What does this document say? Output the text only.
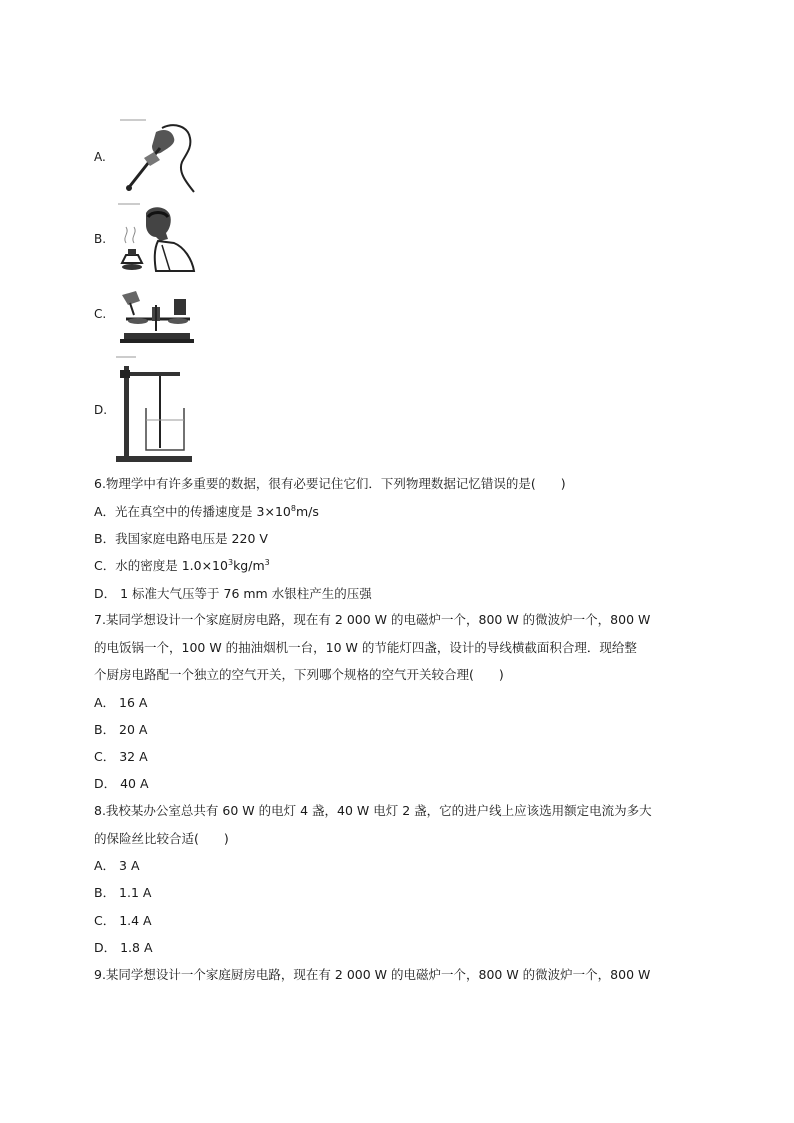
A.
B.
C.
D.
6.物理学中有许多重要的数据，很有必要记住它们．下列物理数据记忆错误的是(　　)
A．光在真空中的传播速度是 $3\times 10^8m/s$
B．我国家庭电路电压是 220 V
C．水的密度是 $1.0\times 10^3kg/m^3$
D． 1 标准大气压等于 76 mm 水银柱产生的压强
7.某同学想设计一个家庭厨房电路，现在有 2 000 W 的电磁炉一个，800 W 的微波炉一个，800 W
的电饭锅一个，100 W 的抽油烟机一台，10 W 的节能灯四盏，设计的导线横截面积合理．现给整
个厨房电路配一个独立的空气开关，下列哪个规格的空气开关较合理(　　)
A． 16 A
B． 20 A
C． 32 A
D． 40 A
8.我校某办公室总共有 60 W 的电灯 4 盏，40 W 电灯 2 盏，它的进户线上应该选用额定电流为多大
的保险丝比较合适(　　)
A． 3 A
B． 1.1 A
C． 1.4 A
D． 1.8 A
9.某同学想设计一个家庭厨房电路，现在有 2 000 W 的电磁炉一个，800 W 的微波炉一个，800 W
